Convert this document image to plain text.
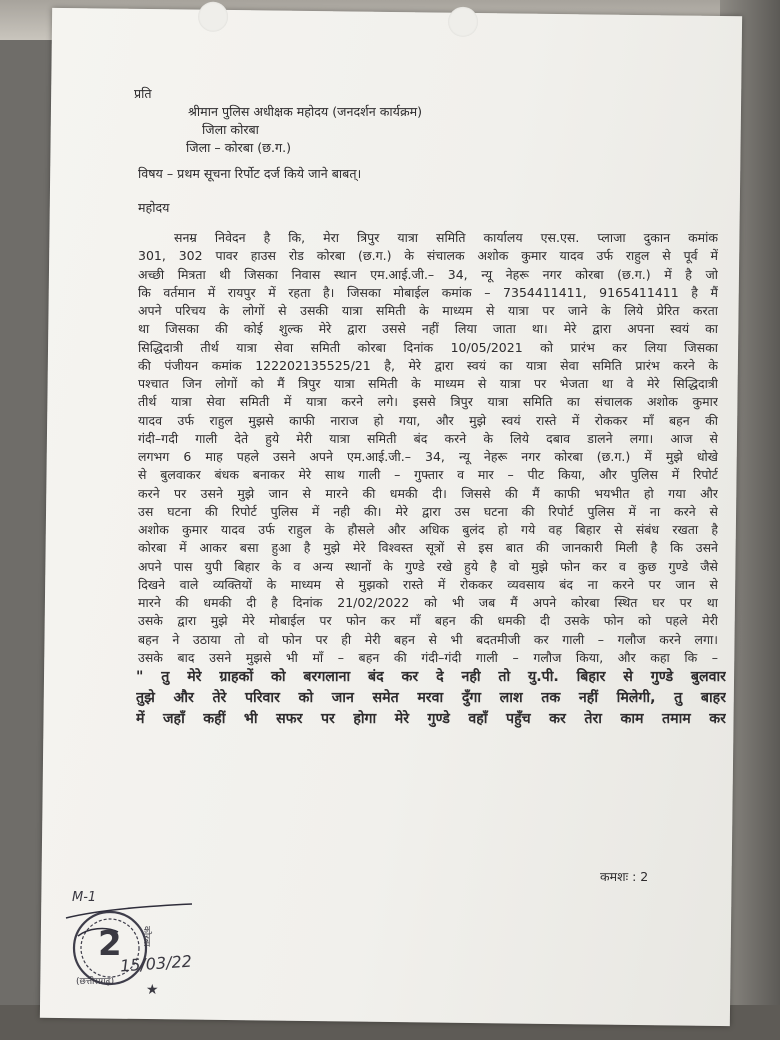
प्रति
श्रीमान पुलिस अधीक्षक महोदय (जनदर्शन कार्यक्रम)
जिला कोरबा
जिला – कोरबा (छ.ग.)
विषय – प्रथम सूचना रिर्पोट दर्ज किये जाने बाबत्।
महोदय
सनम्र निवेदन है कि, मेरा त्रिपुर यात्रा समिति कार्यालय एस.एस. प्लाजा दुकान कमांक
301, 302 पावर हाउस रोड कोरबा (छ.ग.) के संचालक अशोक कुमार यादव उर्फ राहुल से पूर्व में
अच्छी मित्रता थी जिसका निवास स्थान एम.आई.जी.– 34, न्यू नेहरू नगर कोरबा (छ.ग.) में है जो
कि वर्तमान में रायपुर में रहता है। जिसका मोबाईल कमांक – 7354411411, 9165411411 है मैं
अपने परिचय के लोगों से उसकी यात्रा समिती के माध्यम से यात्रा पर जाने के लिये प्रेरित करता
था जिसका की कोई शुल्क मेरे द्वारा उससे नहीं लिया जाता था। मेरे द्वारा अपना स्वयं का
सिद्धिदात्री तीर्थ यात्रा सेवा समिती कोरबा दिनांक 10/05/2021 को प्रारंभ कर लिया जिसका
की पंजीयन कमांक 122202135525/21 है, मेरे द्वारा स्वयं का यात्रा सेवा समिति प्रारंभ करने के
पश्चात जिन लोगों को मैं त्रिपुर यात्रा समिती के माध्यम से यात्रा पर भेजता था वे मेरे सिद्धिदात्री
तीर्थ यात्रा सेवा समिती में यात्रा करने लगे। इससे त्रिपुर यात्रा समिति का संचालक अशोक कुमार
यादव उर्फ राहुल मुझसे काफी नाराज हो गया, और मुझे स्वयं रास्ते में रोककर माँ बहन की
गंदी–गदी गाली देते हुये मेरी यात्रा समिती बंद करने के लिये दबाव डालने लगा। आज से
लगभग 6 माह पहले उसने अपने एम.आई.जी.– 34, न्यू नेहरू नगर कोरबा (छ.ग.) में मुझे धोखे
से बुलवाकर बंधक बनाकर मेरे साथ गाली – गुफ्तार व मार – पीट किया, और पुलिस में रिपोर्ट
करने पर उसने मुझे जान से मारने की धमकी दी। जिससे की मैं काफी भयभीत हो गया और
उस घटना की रिपोर्ट पुलिस में नही की। मेरे द्वारा उस घटना की रिपोर्ट पुलिस में ना करने से
अशोक कुमार यादव उर्फ राहुल के हौसले और अधिक बुलंद हो गये वह बिहार से संबंध रखता है
कोरबा में आकर बसा हुआ है मुझे मेरे विश्वस्त सूत्रों से इस बात की जानकारी मिली है कि उसने
अपने पास युपी बिहार के व अन्य स्थानों के गुण्डे रखे हुये है वो मुझे फोन कर व कुछ गुण्डे जैसे
दिखने वाले व्यक्तियों के माध्यम से मुझको रास्ते में रोककर व्यवसाय बंद ना करने पर जान से
मारने की धमकी दी है दिनांक 21/02/2022 को भी जब मैं अपने कोरबा स्थित घर पर था
उसके द्वारा मुझे मेरे मोबाईल पर फोन कर माँ बहन की धमकी दी उसके फोन को पहले मेरी
बहन ने उठाया तो वो फोन पर ही मेरी बहन से भी बदतमीजी कर गाली – गलौज करने लगा।
उसके बाद उसने मुझसे भी माँ – बहन की गंदी–गंदी गाली – गलौज किया, और कहा कि –
" तु मेरे ग्राहकों को बरगलाना बंद कर दे नही तो यु.पी. बिहार से गुण्डे बुलवार
तुझे और तेरे परिवार को जान समेत मरवा दुँगा लाश तक नहीं मिलेगी, तु बाहर
में जहाँ कहीं भी सफर पर होगा मेरे गुण्डे वहाँ पहुँच कर तेरा काम तमाम कर
कमशः : 2
M-1
2
15/03/22
कोरबा
(छत्तीसगढ़) ★
